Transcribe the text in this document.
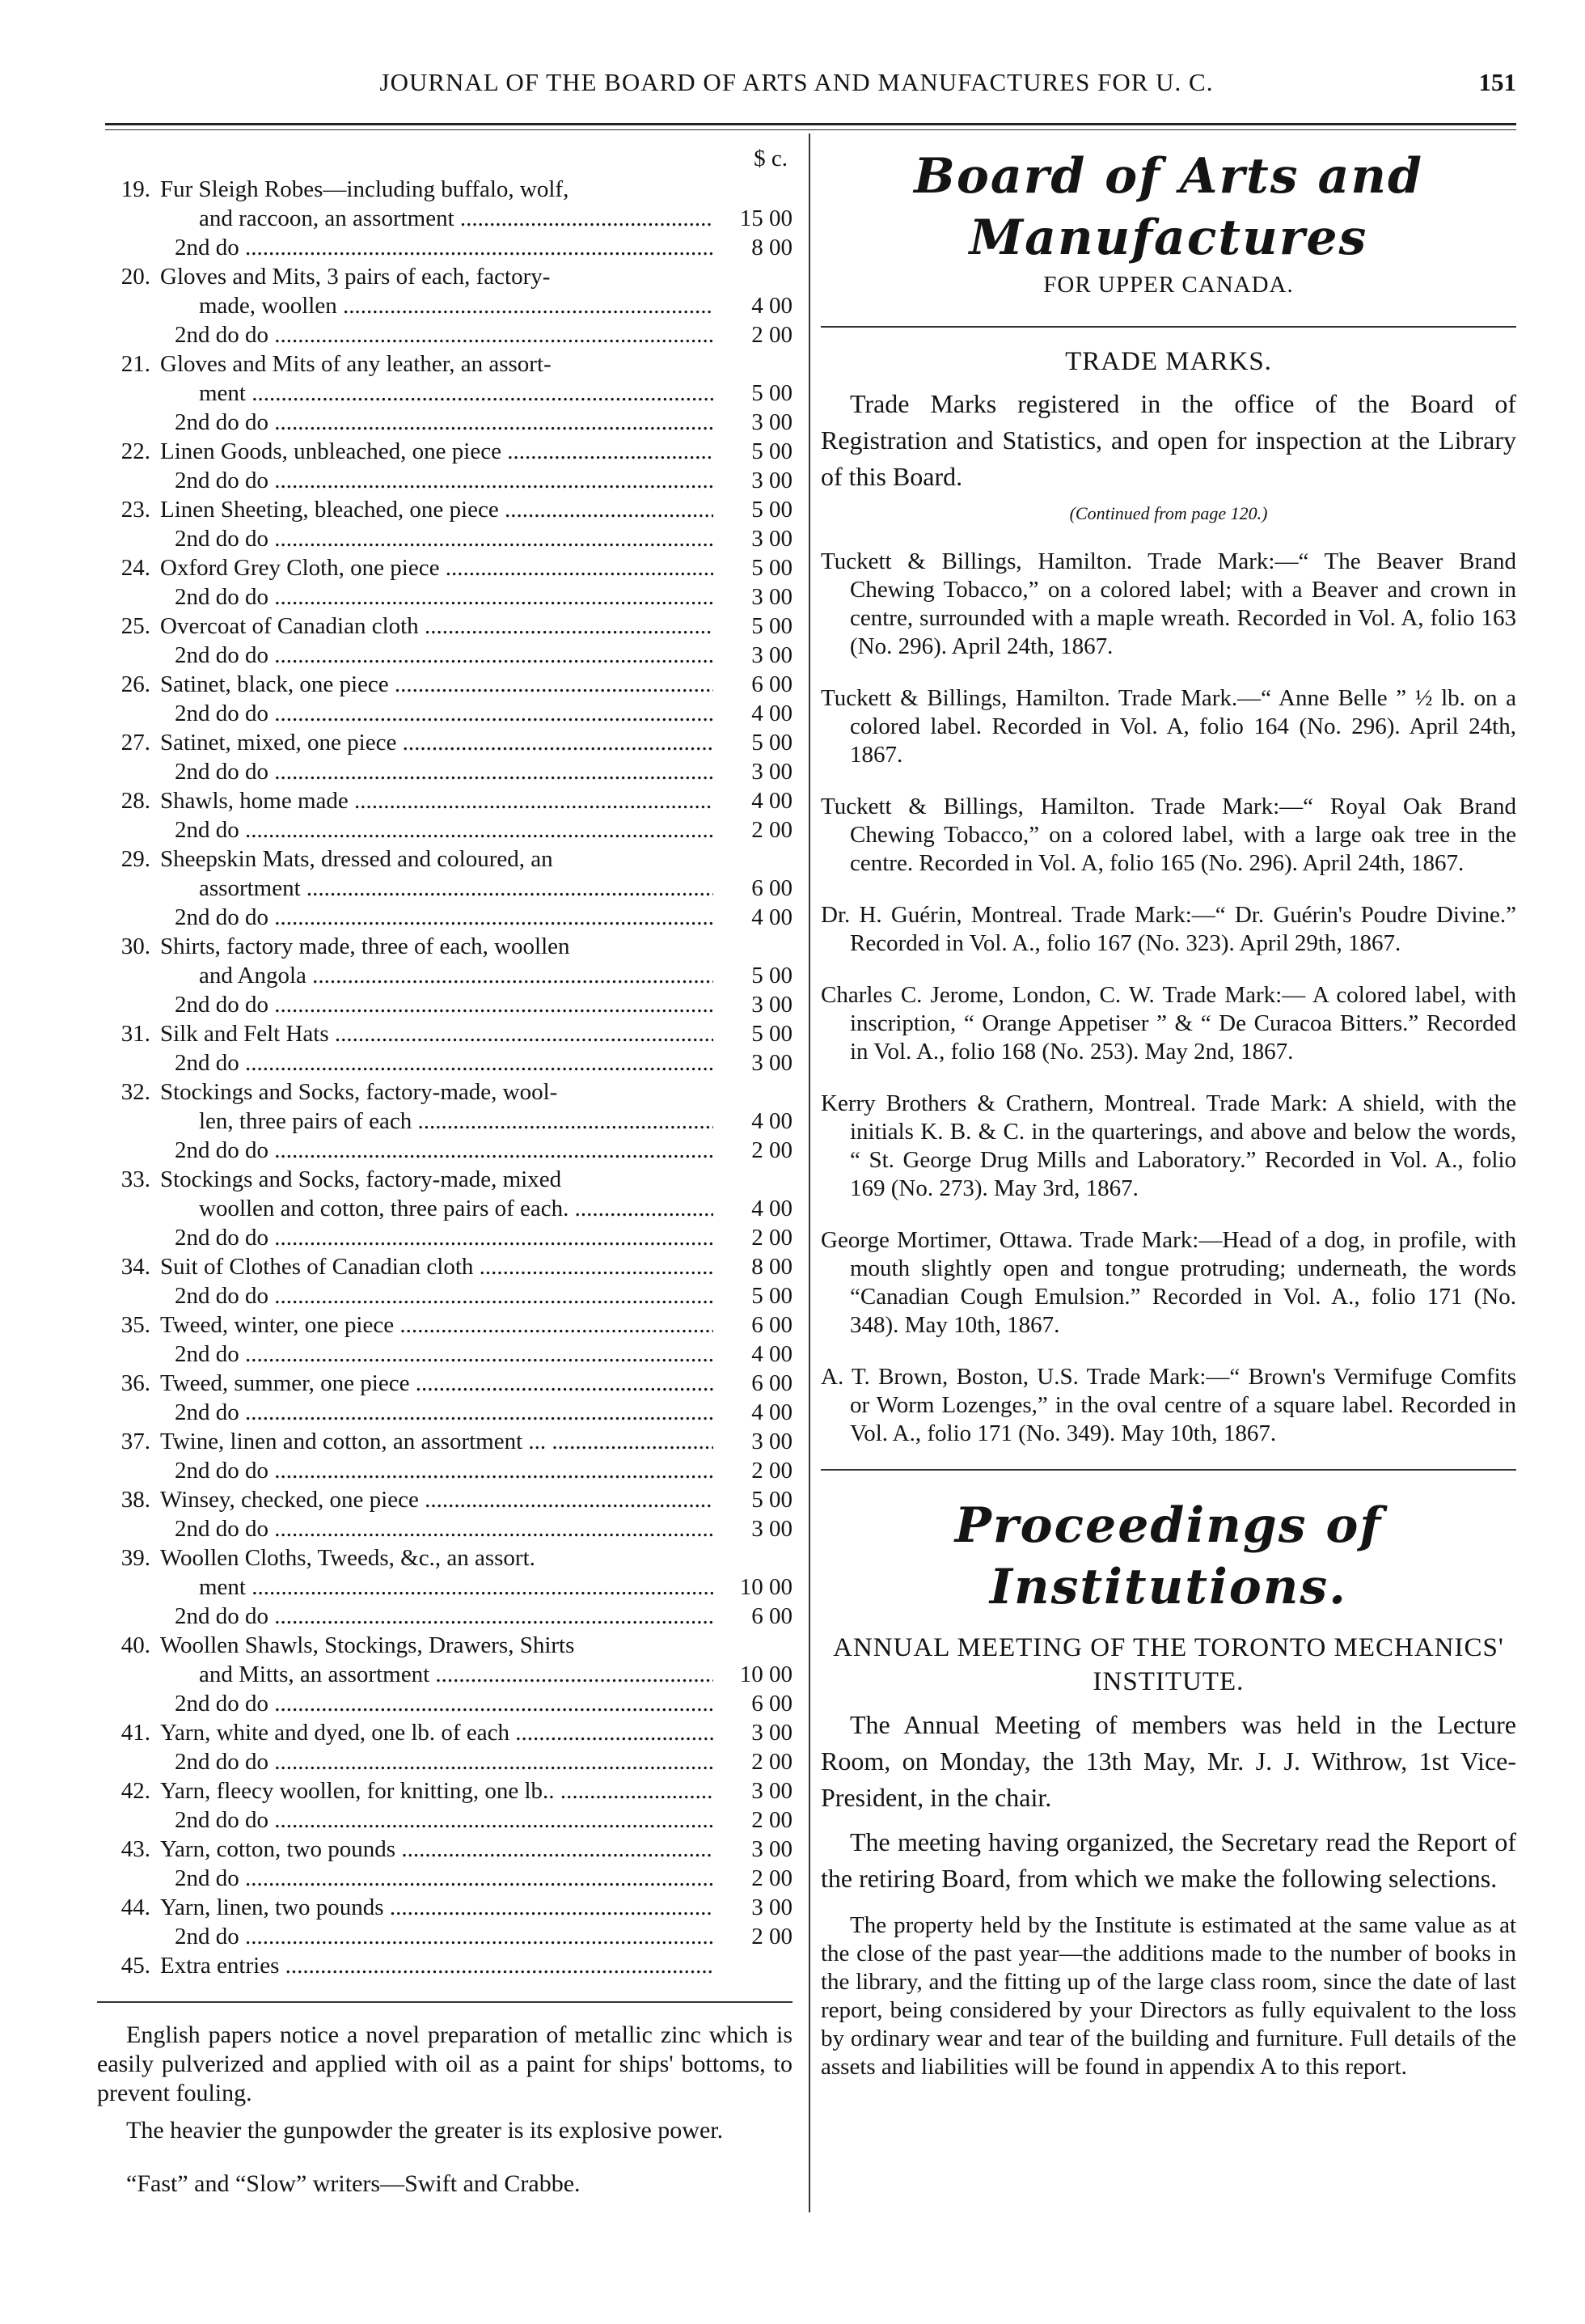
JOURNAL OF THE BOARD OF ARTS AND MANUFACTURES FOR U. C.	151
$ c.
19. Fur Sleigh Robes—including buffalo, wolf,
and raccoon, an assortment .....	15 00
2nd do .....	8 00
20. Gloves and Mits, 3 pairs of each, factory-
made, woollen .....	4 00
2nd do do .....	2 00
21. Gloves and Mits of any leather, an assort-
ment .....	5 00
2nd do do .....	3 00
22. Linen Goods, unbleached, one piece .....	5 00
2nd do do .....	3 00
23. Linen Sheeting, bleached, one piece .....	5 00
2nd do do .....	3 00
24. Oxford Grey Cloth, one piece .....	5 00
2nd do do .....	3 00
25. Overcoat of Canadian cloth .....	5 00
2nd do do .....	3 00
26. Satinet, black, one piece .....	6 00
2nd do do .....	4 00
27. Satinet, mixed, one piece .....	5 00
2nd do do .....	3 00
28. Shawls, home made .....	4 00
2nd do .....	2 00
29. Sheepskin Mats, dressed and coloured, an
assortment .....	6 00
2nd do do .....	4 00
30. Shirts, factory made, three of each, woollen
and Angola .....	5 00
2nd do do .....	3 00
31. Silk and Felt Hats .....	5 00
2nd do .....	3 00
32. Stockings and Socks, factory-made, wool-
len, three pairs of each .....	4 00
2nd do do .....	2 00
33. Stockings and Socks, factory-made, mixed
woollen and cotton, three pairs of each. .....	4 00
2nd do do .....	2 00
34. Suit of Clothes of Canadian cloth .....	8 00
2nd do do .....	5 00
35. Tweed, winter, one piece .....	6 00
2nd do .....	4 00
36. Tweed, summer, one piece .....	6 00
2nd do .....	4 00
37. Twine, linen and cotton, an assortment ... .....	3 00
2nd do do .....	2 00
38. Winsey, checked, one piece .....	5 00
2nd do do .....	3 00
39. Woollen Cloths, Tweeds, &c., an assort.
ment .....	10 00
2nd do do .....	6 00
40. Woollen Shawls, Stockings, Drawers, Shirts
and Mitts, an assortment .....	10 00
2nd do do .....	6 00
41. Yarn, white and dyed, one lb. of each .....	3 00
2nd do do .....	2 00
42. Yarn, fleecy woollen, for knitting, one lb.. .....	3 00
2nd do do .....	2 00
43. Yarn, cotton, two pounds .....	3 00
2nd do .....	2 00
44. Yarn, linen, two pounds .....	3 00
2nd do .....	2 00
45. Extra entries .....

English papers notice a novel preparation of metallic zinc which is easily pulverized and applied with oil as a paint for ships' bottoms, to prevent fouling.

The heavier the gunpowder the greater is its explosive power.

“Fast” and “Slow” writers—Swift and Crabbe.

Board of Arts and Manufactures
FOR UPPER CANADA.
TRADE MARKS.

Trade Marks registered in the office of the Board of Registration and Statistics, and open for inspection at the Library of this Board.

(Continued from page 120.)

Tuckett & Billings, Hamilton. Trade Mark:—“ The Beaver Brand Chewing Tobacco,” on a colored label; with a Beaver and crown in centre, surrounded with a maple wreath. Recorded in Vol. A, folio 163 (No. 296). April 24th, 1867.

Tuckett & Billings, Hamilton. Trade Mark.—“ Anne Belle ” ½ lb. on a colored label. Recorded in Vol. A, folio 164 (No. 296). April 24th, 1867.

Tuckett & Billings, Hamilton. Trade Mark:—“ Royal Oak Brand Chewing Tobacco,” on a colored label, with a large oak tree in the centre. Recorded in Vol. A, folio 165 (No. 296). April 24th, 1867.

Dr. H. Guérin, Montreal. Trade Mark:—“ Dr. Guérin's Poudre Divine.” Recorded in Vol. A., folio 167 (No. 323). April 29th, 1867.

Charles C. Jerome, London, C. W. Trade Mark:— A colored label, with inscription, “ Orange Appetiser ” & “ De Curacoa Bitters.” Recorded in Vol. A., folio 168 (No. 253). May 2nd, 1867.

Kerry Brothers & Crathern, Montreal. Trade Mark: A shield, with the initials K. B. & C. in the quarterings, and above and below the words, “ St. George Drug Mills and Laboratory.” Recorded in Vol. A., folio 169 (No. 273). May 3rd, 1867.

George Mortimer, Ottawa. Trade Mark:—Head of a dog, in profile, with mouth slightly open and tongue protruding; underneath, the words “Canadian Cough Emulsion.” Recorded in Vol. A., folio 171 (No. 348). May 10th, 1867.

A. T. Brown, Boston, U.S. Trade Mark:—“ Brown's Vermifuge Comfits or Worm Lozenges,” in the oval centre of a square label. Recorded in Vol. A., folio 171 (No. 349). May 10th, 1867.

Proceedings of Institutions.
ANNUAL MEETING OF THE TORONTO MECHANICS' INSTITUTE.

The Annual Meeting of members was held in the Lecture Room, on Monday, the 13th May, Mr. J. J. Withrow, 1st Vice-President, in the chair.

The meeting having organized, the Secretary read the Report of the retiring Board, from which we make the following selections.

The property held by the Institute is estimated at the same value as at the close of the past year—the additions made to the number of books in the library, and the fitting up of the large class room, since the date of last report, being considered by your Directors as fully equivalent to the loss by ordinary wear and tear of the building and furniture. Full details of the assets and liabilities will be found in appendix A to this report.
